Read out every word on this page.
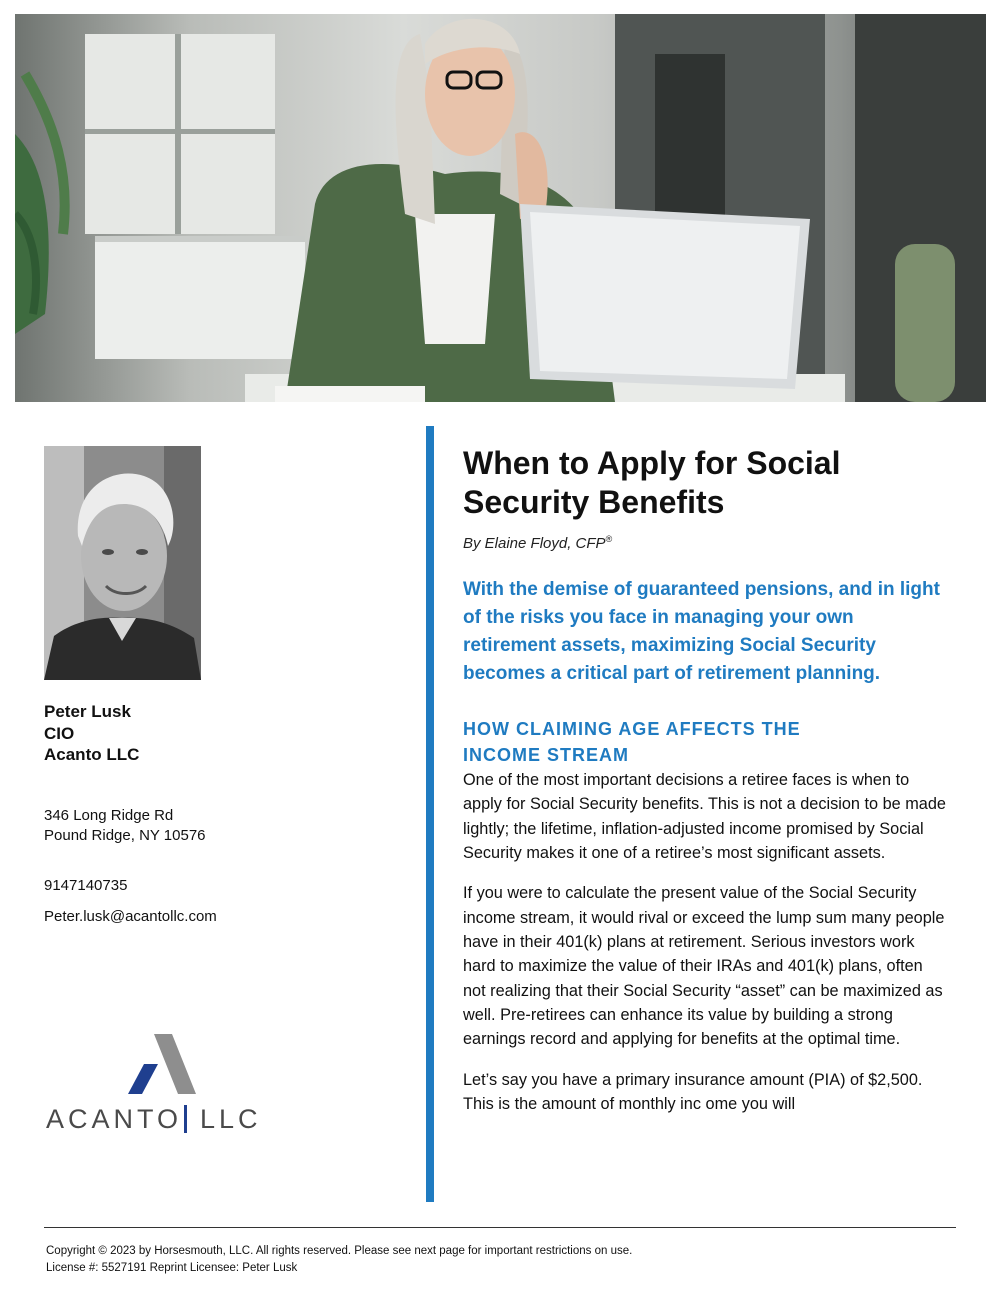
Peter Lusk
CIO
Acanto LLC
346 Long Ridge Rd
Pound Ridge, NY 10576
9147140735
Peter.lusk@acantollc.com
ACANTO LLC
When to Apply for Social Security Benefits
By Elaine Floyd, CFP®
With the demise of guaranteed pensions, and in light of the risks you face in managing your own retirement assets, maximizing Social Security becomes a critical part of retirement planning.
HOW CLAIMING AGE AFFECTS THE
INCOME STREAM

One of the most important decisions a retiree faces is when to apply for Social Security benefits. This is not a decision to be made lightly; the lifetime, inflation-adjusted income promised by Social Security makes it one of a retiree’s most significant assets.

If you were to calculate the present value of the Social Security income stream, it would rival or exceed the lump sum many people have in their 401(k) plans at retirement. Serious investors work hard to maximize the value of their IRAs and 401(k) plans, often not realizing that their Social Security “asset” can be maximized as well. Pre-retirees can enhance its value by building a strong earnings record and applying for benefits at the optimal time.

Let’s say you have a primary insurance amount (PIA) of $2,500. This is the amount of monthly inc ome you will

Copyright © 2023 by Horsesmouth, LLC. All rights reserved. Please see next page for important restrictions on use.
License #: 5527191 Reprint Licensee: Peter Lusk
